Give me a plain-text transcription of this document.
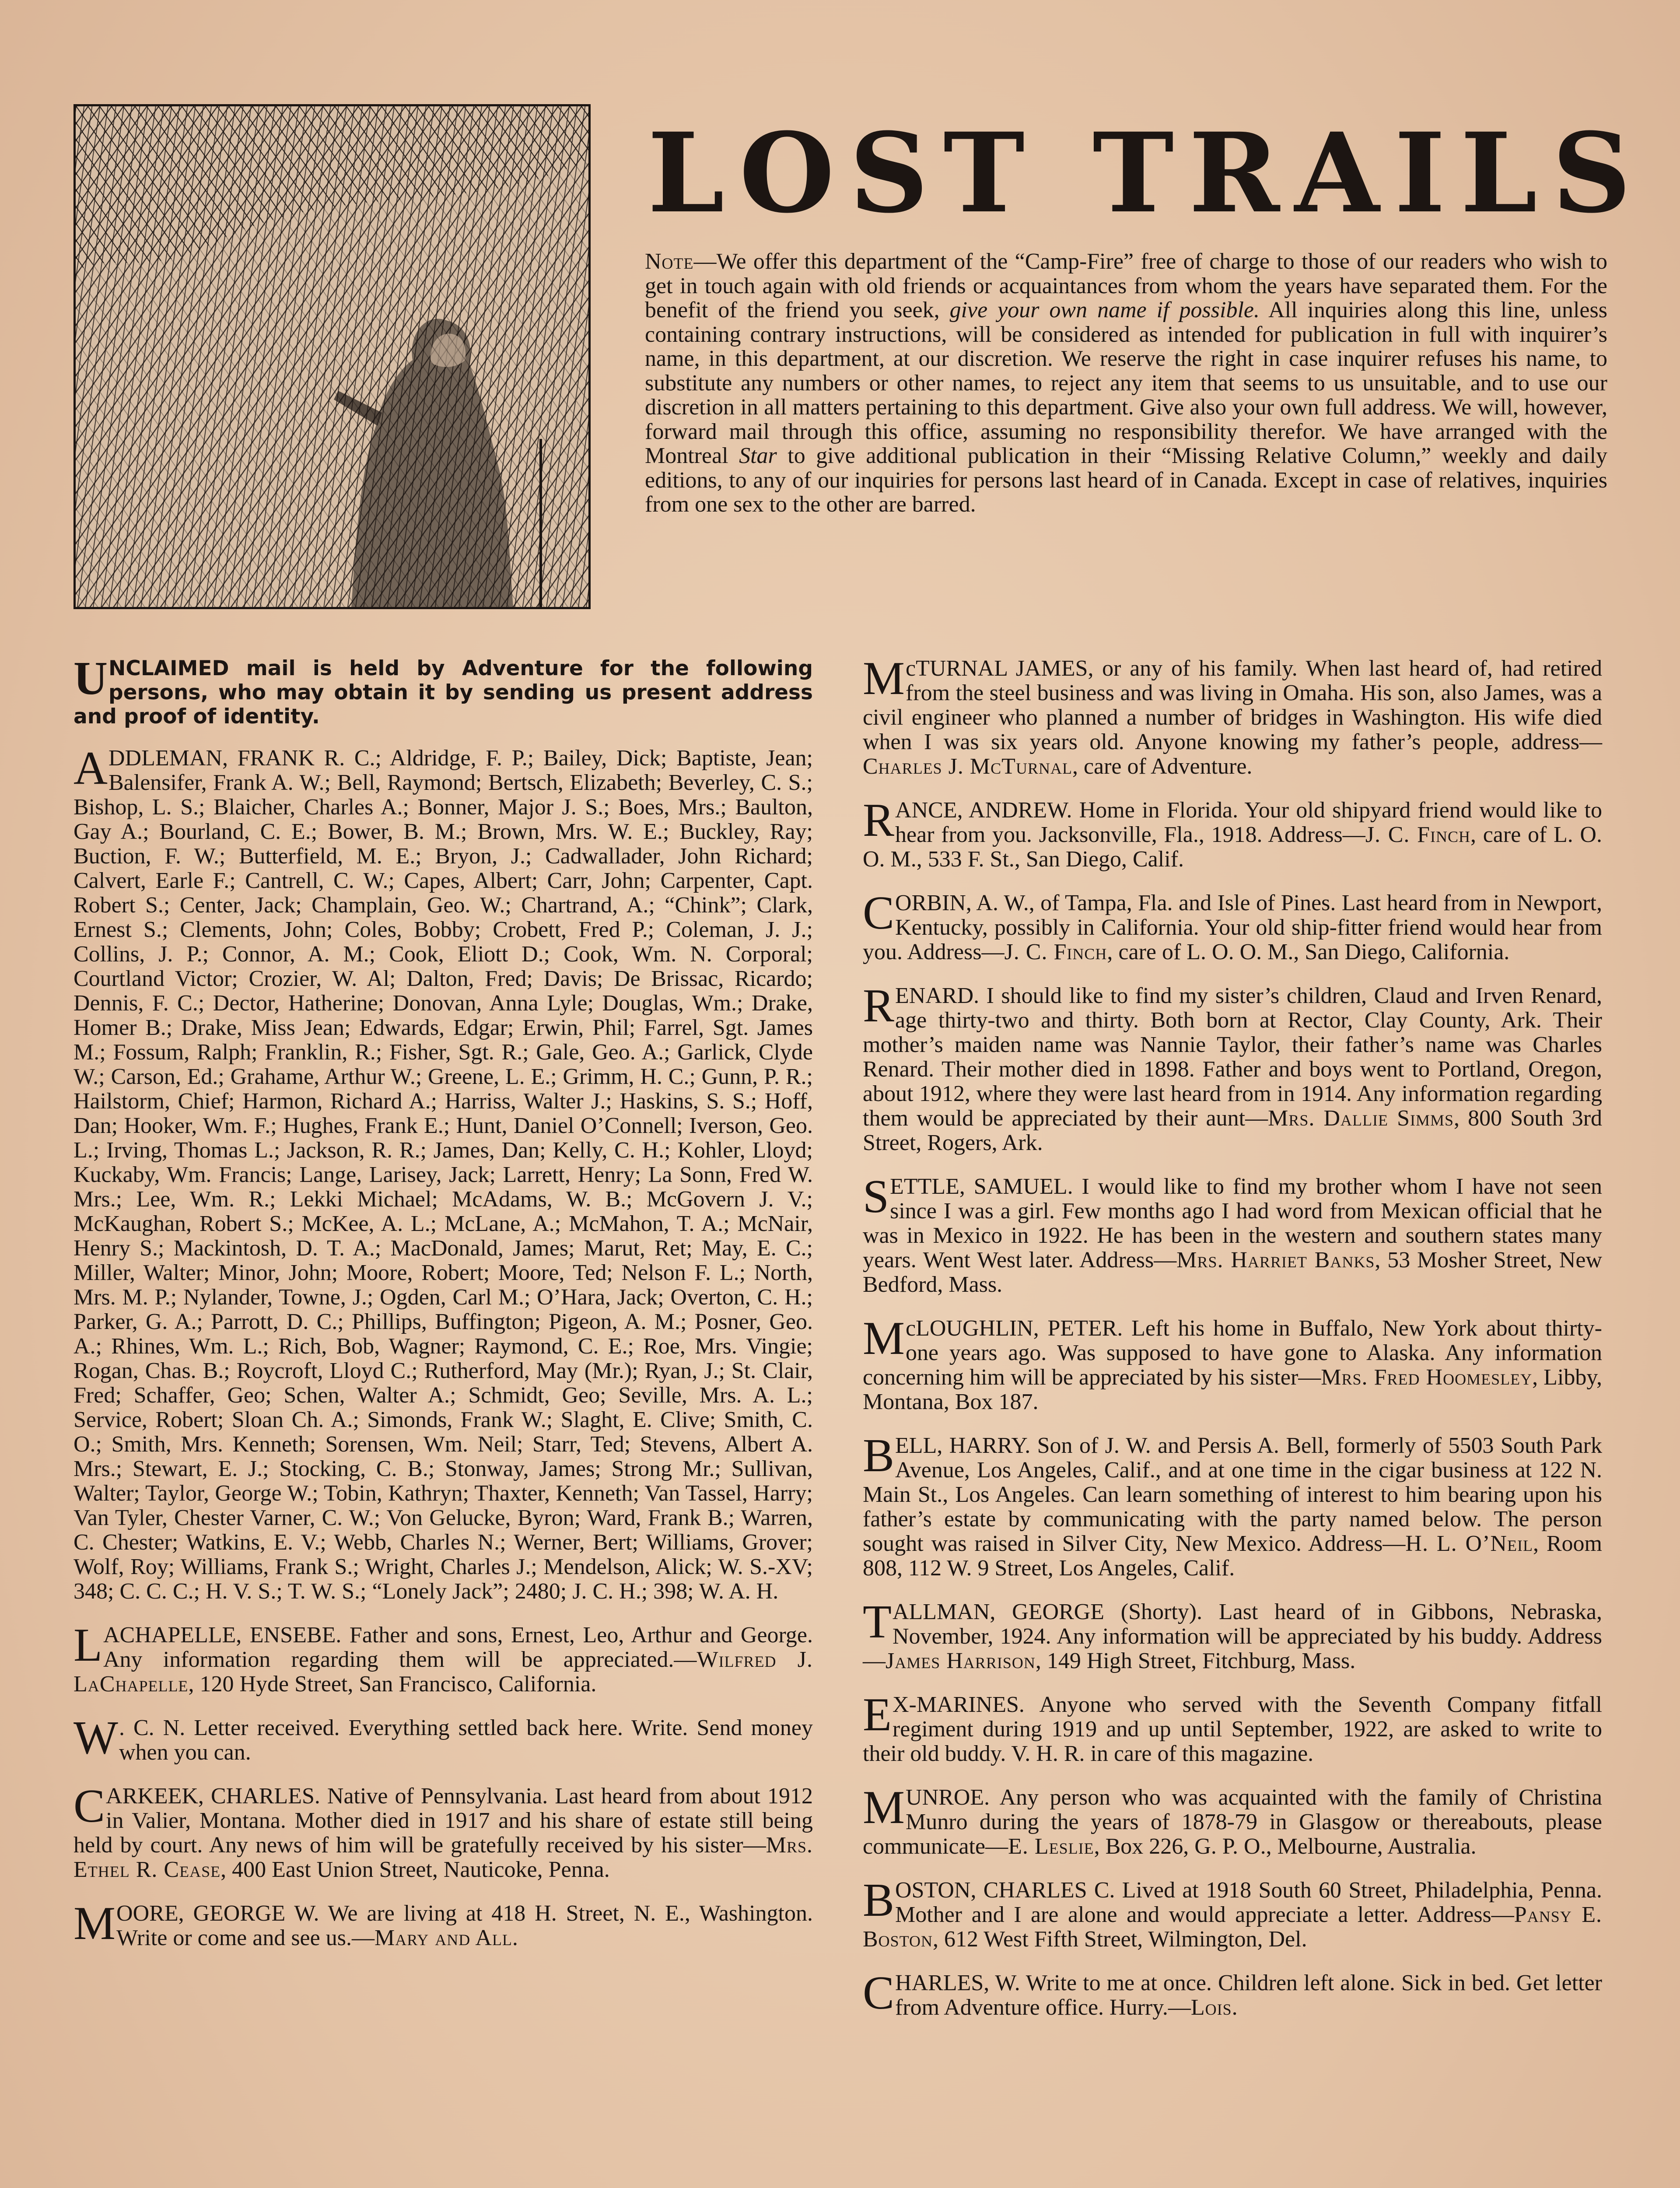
LOST TRAILS

Note—We offer this department of the “Camp-Fire” free of charge to those of our readers who wish to get in touch again with old friends or acquaintances from whom the years have separated them. For the benefit of the friend you seek, give your own name if possible. All inquiries along this line, unless containing contrary instructions, will be considered as intended for publication in full with inquirer’s name, in this department, at our discretion. We reserve the right in case inquirer refuses his name, to substitute any numbers or other names, to reject any item that seems to us unsuitable, and to use our discretion in all matters pertaining to this department. Give also your own full address. We will, however, forward mail through this office, assuming no responsibility therefor. We have arranged with the Montreal Star to give additional publication in their “Missing Relative Column,” weekly and daily editions, to any of our inquiries for persons last heard of in Canada. Except in case of relatives, inquiries from one sex to the other are barred.

UNCLAIMED mail is held by Adventure for the following persons, who may obtain it by sending us present address and proof of identity.

ADDLEMAN, FRANK R. C.; Aldridge, F. P.; Bailey, Dick; Baptiste, Jean; Balensifer, Frank A. W.; Bell, Raymond; Bertsch, Elizabeth; Beverley, C. S.; Bishop, L. S.; Blaicher, Charles A.; Bonner, Major J. S.; Boes, Mrs.; Baulton, Gay A.; Bourland, C. E.; Bower, B. M.; Brown, Mrs. W. E.; Buckley, Ray; Buction, F. W.; Butterfield, M. E.; Bryon, J.; Cadwallader, John Richard; Calvert, Earle F.; Cantrell, C. W.; Capes, Albert; Carr, John; Carpenter, Capt. Robert S.; Center, Jack; Champlain, Geo. W.; Chartrand, A.; “Chink”; Clark, Ernest S.; Clements, John; Coles, Bobby; Crobett, Fred P.; Coleman, J. J.; Collins, J. P.; Connor, A. M.; Cook, Eliott D.; Cook, Wm. N. Corporal; Courtland Victor; Crozier, W. Al; Dalton, Fred; Davis; De Brissac, Ricardo; Dennis, F. C.; Dector, Hatherine; Donovan, Anna Lyle; Douglas, Wm.; Drake, Homer B.; Drake, Miss Jean; Edwards, Edgar; Erwin, Phil; Farrel, Sgt. James M.; Fossum, Ralph; Franklin, R.; Fisher, Sgt. R.; Gale, Geo. A.; Garlick, Clyde W.; Carson, Ed.; Grahame, Arthur W.; Greene, L. E.; Grimm, H. C.; Gunn, P. R.; Hailstorm, Chief; Harmon, Richard A.; Harriss, Walter J.; Haskins, S. S.; Hoff, Dan; Hooker, Wm. F.; Hughes, Frank E.; Hunt, Daniel O’Connell; Iverson, Geo. L.; Irving, Thomas L.; Jackson, R. R.; James, Dan; Kelly, C. H.; Kohler, Lloyd; Kuckaby, Wm. Francis; Lange, Larisey, Jack; Larrett, Henry; La Sonn, Fred W. Mrs.; Lee, Wm. R.; Lekki Michael; McAdams, W. B.; McGovern J. V.; McKaughan, Robert S.; McKee, A. L.; McLane, A.; McMahon, T. A.; McNair, Henry S.; Mackintosh, D. T. A.; MacDonald, James; Marut, Ret; May, E. C.; Miller, Walter; Minor, John; Moore, Robert; Moore, Ted; Nelson F. L.; North, Mrs. M. P.; Nylander, Towne, J.; Ogden, Carl M.; O’Hara, Jack; Overton, C. H.; Parker, G. A.; Parrott, D. C.; Phillips, Buffington; Pigeon, A. M.; Posner, Geo. A.; Rhines, Wm. L.; Rich, Bob, Wagner; Raymond, C. E.; Roe, Mrs. Vingie; Rogan, Chas. B.; Roycroft, Lloyd C.; Rutherford, May (Mr.); Ryan, J.; St. Clair, Fred; Schaffer, Geo; Schen, Walter A.; Schmidt, Geo; Seville, Mrs. A. L.; Service, Robert; Sloan Ch. A.; Simonds, Frank W.; Slaght, E. Clive; Smith, C. O.; Smith, Mrs. Kenneth; Sorensen, Wm. Neil; Starr, Ted; Stevens, Albert A. Mrs.; Stewart, E. J.; Stocking, C. B.; Stonway, James; Strong Mr.; Sullivan, Walter; Taylor, George W.; Tobin, Kathryn; Thaxter, Kenneth; Van Tassel, Harry; Van Tyler, Chester Varner, C. W.; Von Gelucke, Byron; Ward, Frank B.; Warren, C. Chester; Watkins, E. V.; Webb, Charles N.; Werner, Bert; Williams, Grover; Wolf, Roy; Williams, Frank S.; Wright, Charles J.; Mendelson, Alick; W. S.-XV; 348; C. C. C.; H. V. S.; T. W. S.; “Lonely Jack”; 2480; J. C. H.; 398; W. A. H.

LACHAPELLE, ENSEBE. Father and sons, Ernest, Leo, Arthur and George. Any information regarding them will be appreciated.—Wilfred J. LaChapelle, 120 Hyde Street, San Francisco, California.

W . C. N. Letter received. Everything settled back here. Write. Send money when you can.

CARKEEK, CHARLES. Native of Pennsylvania. Last heard from about 1912 in Valier, Montana. Mother died in 1917 and his share of estate still being held by court. Any news of him will be gratefully received by his sister—Mrs. Ethel R. Cease, 400 East Union Street, Nauticoke, Penna.

MOORE, GEORGE W. We are living at 418 H. Street, N. E., Washington. Write or come and see us.—Mary and All.

McTURNAL JAMES, or any of his family. When last heard of, had retired from the steel business and was living in Omaha. His son, also James, was a civil engineer who planned a number of bridges in Washington. His wife died when I was six years old. Anyone knowing my father’s people, address—Charles J. McTurnal, care of Adventure.

RANCE, ANDREW. Home in Florida. Your old shipyard friend would like to hear from you. Jacksonville, Fla., 1918. Address—J. C. Finch, care of L. O. O. M., 533 F. St., San Diego, Calif.

CORBIN, A. W., of Tampa, Fla. and Isle of Pines. Last heard from in Newport, Kentucky, possibly in California. Your old ship-fitter friend would hear from you. Address—J. C. Finch, care of L. O. O. M., San Diego, California.

RENARD. I should like to find my sister’s children, Claud and Irven Renard, age thirty-two and thirty. Both born at Rector, Clay County, Ark. Their mother’s maiden name was Nannie Taylor, their father’s name was Charles Renard. Their mother died in 1898. Father and boys went to Portland, Oregon, about 1912, where they were last heard from in 1914. Any information regarding them would be appreciated by their aunt—Mrs. Dallie Simms, 800 South 3rd Street, Rogers, Ark.

SETTLE, SAMUEL. I would like to find my brother whom I have not seen since I was a girl. Few months ago I had word from Mexican official that he was in Mexico in 1922. He has been in the western and southern states many years. Went West later. Address—Mrs. Harriet Banks, 53 Mosher Street, New Bedford, Mass.

McLOUGHLIN, PETER. Left his home in Buffalo, New York about thirty-one years ago. Was supposed to have gone to Alaska. Any information concerning him will be appreciated by his sister—Mrs. Fred Hoomesley, Libby, Montana, Box 187.

BELL, HARRY. Son of J. W. and Persis A. Bell, formerly of 5503 South Park Avenue, Los Angeles, Calif., and at one time in the cigar business at 122 N. Main St., Los Angeles. Can learn something of interest to him bearing upon his father’s estate by communicating with the party named below. The person sought was raised in Silver City, New Mexico. Address—H. L. O’Neil, Room 808, 112 W. 9 Street, Los Angeles, Calif.

TALLMAN, GEORGE (Shorty). Last heard of in Gibbons, Nebraska, November, 1924. Any information will be appreciated by his buddy. Address—James Harrison, 149 High Street, Fitchburg, Mass.

E X-MARINES. Anyone who served with the Seventh Company fitfall regiment during 1919 and up until September, 1922, are asked to write to their old buddy. V. H. R. in care of this magazine.

MUNROE. Any person who was acquainted with the family of Christina Munro during the years of 1878-79 in Glasgow or thereabouts, please communicate—E. Leslie, Box 226, G. P. O., Melbourne, Australia.

BOSTON, CHARLES C. Lived at 1918 South 60 Street, Philadelphia, Penna. Mother and I are alone and would appreciate a letter. Address—Pansy E. Boston, 612 West Fifth Street, Wilmington, Del.

CHARLES, W. Write to me at once. Children left alone. Sick in bed. Get letter from Adventure office. Hurry.—Lois.
